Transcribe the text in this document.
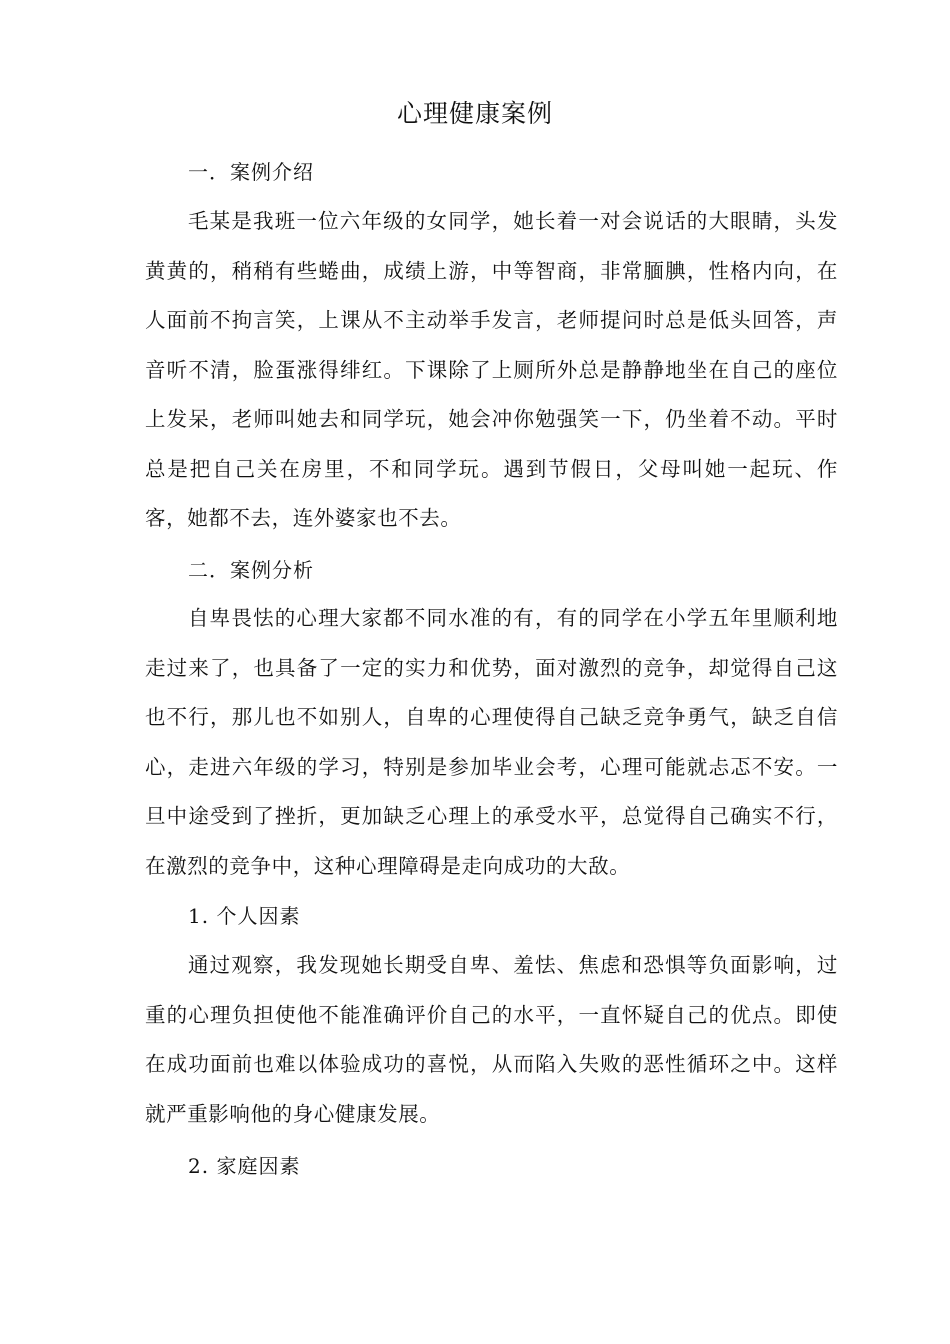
心理健康案例
一．案例介绍

毛某是我班一位六年级的女同学，她长着一对会说话的大眼睛，头发黄黄的，稍稍有些蜷曲，成绩上游，中等智商，非常腼腆，性格内向，在人面前不拘言笑，上课从不主动举手发言，老师提问时总是低头回答，声音听不清，脸蛋涨得绯红。下课除了上厕所外总是静静地坐在自己的座位上发呆，老师叫她去和同学玩，她会冲你勉强笑一下，仍坐着不动。平时总是把自己关在房里，不和同学玩。遇到节假日，父母叫她一起玩、作客，她都不去，连外婆家也不去。

二．案例分析

自卑畏怯的心理大家都不同水准的有，有的同学在小学五年里顺利地走过来了，也具备了一定的实力和优势，面对激烈的竞争，却觉得自己这也不行，那儿也不如别人，自卑的心理使得自己缺乏竞争勇气，缺乏自信心，走进六年级的学习，特别是参加毕业会考，心理可能就忐忑不安。一旦中途受到了挫折，更加缺乏心理上的承受水平，总觉得自己确实不行，在激烈的竞争中，这种心理障碍是走向成功的大敌。

1. 个人因素

通过观察，我发现她长期受自卑、羞怯、焦虑和恐惧等负面影响，过重的心理负担使他不能准确评价自己的水平，一直怀疑自己的优点。即使在成功面前也难以体验成功的喜悦，从而陷入失败的恶性循环之中。这样就严重影响他的身心健康发展。

2. 家庭因素
